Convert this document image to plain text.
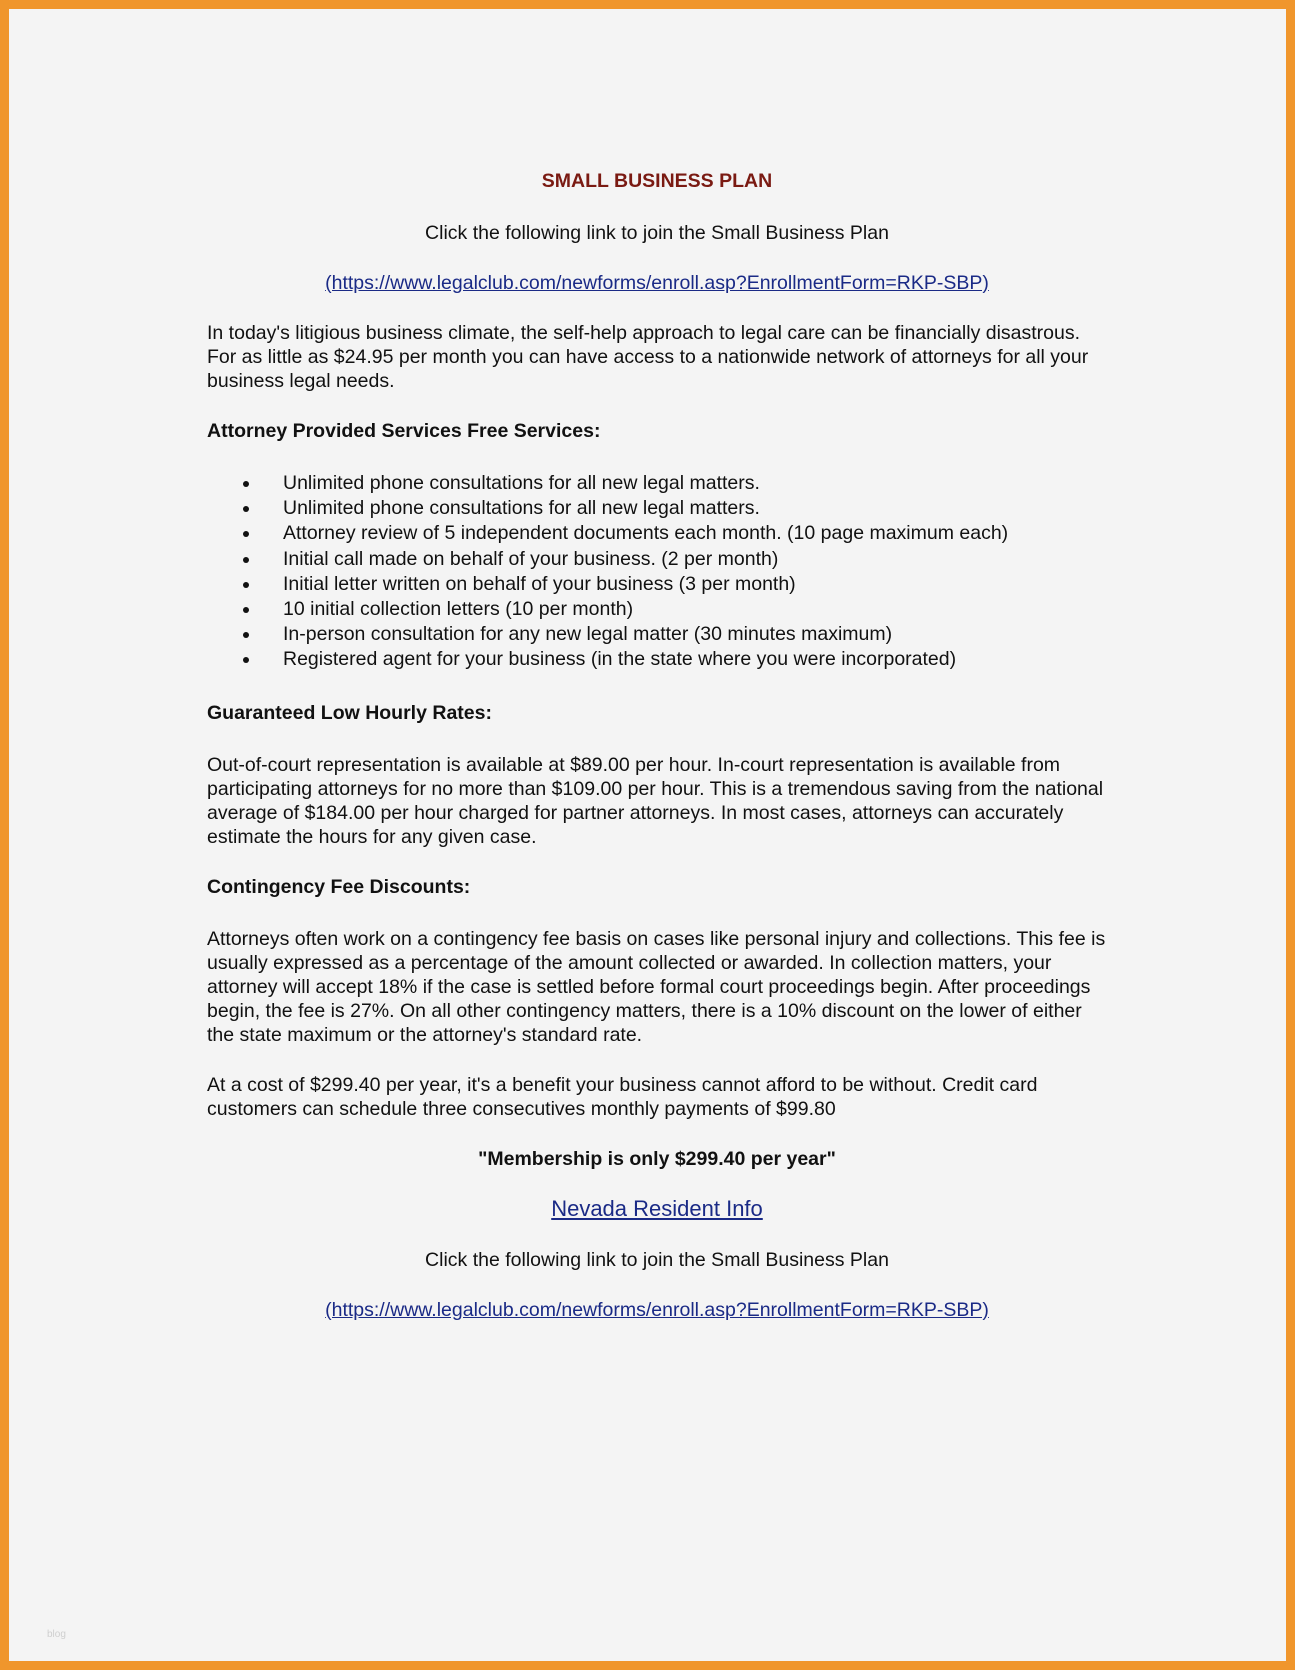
SMALL BUSINESS PLAN

Click the following link to join the Small Business Plan

(https://www.legalclub.com/newforms/enroll.asp?EnrollmentForm=RKP-SBP)

In today's litigious business climate, the self-help approach to legal care can be financially disastrous. For as little as $24.95 per month you can have access to a nationwide network of attorneys for all your business legal needs.

Attorney Provided Services Free Services:

Unlimited phone consultations for all new legal matters.
Unlimited phone consultations for all new legal matters.
Attorney review of 5 independent documents each month. (10 page maximum each)
Initial call made on behalf of your business. (2 per month)
Initial letter written on behalf of your business (3 per month)
10 initial collection letters (10 per month)
In-person consultation for any new legal matter (30 minutes maximum)
Registered agent for your business (in the state where you were incorporated)

Guaranteed Low Hourly Rates:

Out-of-court representation is available at $89.00 per hour. In-court representation is available from participating attorneys for no more than $109.00 per hour. This is a tremendous saving from the national average of $184.00 per hour charged for partner attorneys. In most cases, attorneys can accurately estimate the hours for any given case.

Contingency Fee Discounts:

Attorneys often work on a contingency fee basis on cases like personal injury and collections. This fee is usually expressed as a percentage of the amount collected or awarded. In collection matters, your attorney will accept 18% if the case is settled before formal court proceedings begin. After proceedings begin, the fee is 27%. On all other contingency matters, there is a 10% discount on the lower of either the state maximum or the attorney's standard rate.

At a cost of $299.40 per year, it's a benefit your business cannot afford to be without. Credit card customers can schedule three consecutives monthly payments of $99.80

"Membership is only $299.40 per year"

Nevada Resident Info

Click the following link to join the Small Business Plan

(https://www.legalclub.com/newforms/enroll.asp?EnrollmentForm=RKP-SBP)

blog
